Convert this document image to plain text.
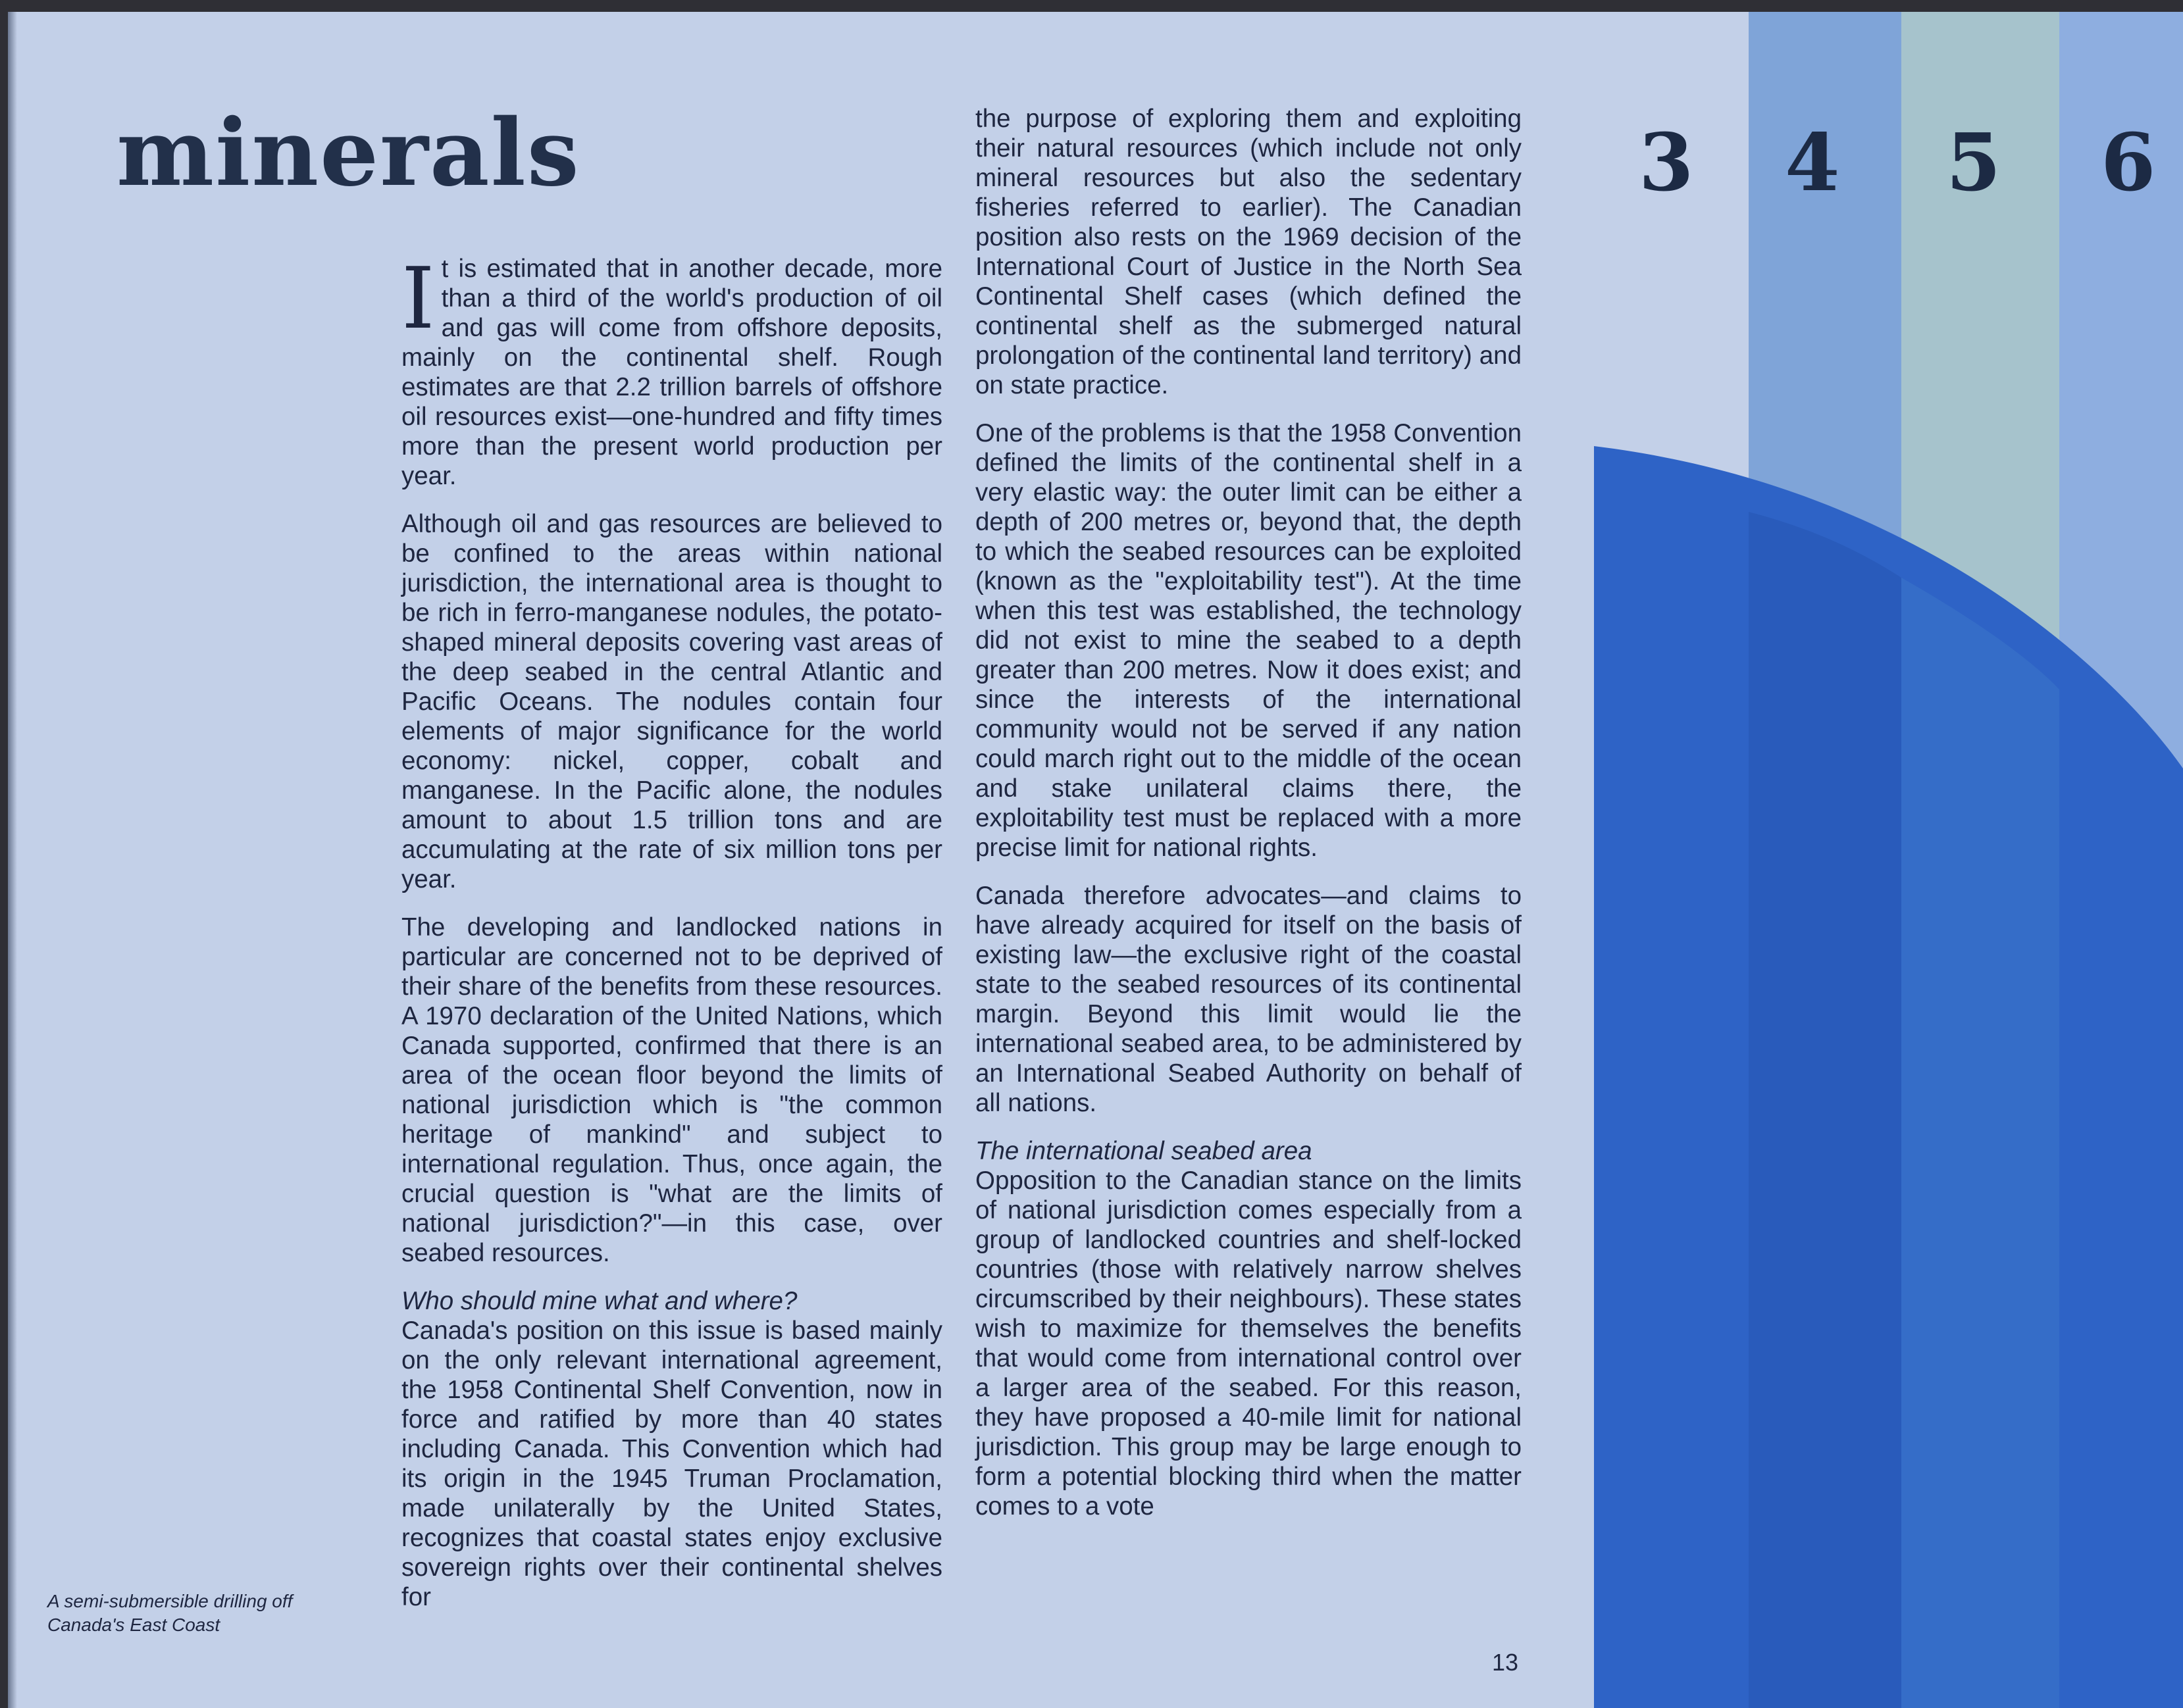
3 4 5 6
minerals

It is estimated that in another decade, more than a third of the world's production of oil and gas will come from offshore deposits, mainly on the continental shelf. Rough estimates are that 2.2 trillion barrels of offshore oil resources exist—one-hundred and fifty times more than the present world production per year.

Although oil and gas resources are believed to be confined to the areas within national jurisdiction, the international area is thought to be rich in ferro-manganese nodules, the potato-shaped mineral deposits covering vast areas of the deep seabed in the central Atlantic and Pacific Oceans. The nodules contain four elements of major significance for the world economy: nickel, copper, cobalt and manganese. In the Pacific alone, the nodules amount to about 1.5 trillion tons and are accumulating at the rate of six million tons per year.

The developing and landlocked nations in particular are concerned not to be deprived of their share of the benefits from these resources. A 1970 declaration of the United Nations, which Canada supported, confirmed that there is an area of the ocean floor beyond the limits of national jurisdiction which is "the common heritage of mankind" and subject to international regulation. Thus, once again, the crucial question is "what are the limits of national jurisdiction?"—in this case, over seabed resources.

Who should mine what and where?

Canada's position on this issue is based mainly on the only relevant international agreement, the 1958 Continental Shelf Convention, now in force and ratified by more than 40 states including Canada. This Convention which had its origin in the 1945 Truman Proclamation, made unilaterally by the United States, recognizes that coastal states enjoy exclusive sovereign rights over their continental shelves for

the purpose of exploring them and exploiting their natural resources (which include not only mineral resources but also the sedentary fisheries referred to earlier). The Canadian position also rests on the 1969 decision of the International Court of Justice in the North Sea Continental Shelf cases (which defined the continental shelf as the submerged natural prolongation of the continental land territory) and on state practice.

One of the problems is that the 1958 Convention defined the limits of the continental shelf in a very elastic way: the outer limit can be either a depth of 200 metres or, beyond that, the depth to which the seabed resources can be exploited (known as the "exploitability test"). At the time when this test was established, the technology did not exist to mine the seabed to a depth greater than 200 metres. Now it does exist; and since the interests of the international community would not be served if any nation could march right out to the middle of the ocean and stake unilateral claims there, the exploitability test must be replaced with a more precise limit for national rights.

Canada therefore advocates—and claims to have already acquired for itself on the basis of existing law—the exclusive right of the coastal state to the seabed resources of its continental margin. Beyond this limit would lie the international seabed area, to be administered by an International Seabed Authority on behalf of all nations.

The international seabed area

Opposition to the Canadian stance on the limits of national jurisdiction comes especially from a group of landlocked countries and shelf-locked countries (those with relatively narrow shelves circumscribed by their neighbours). These states wish to maximize for themselves the benefits that would come from international control over a larger area of the seabed. For this reason, they have proposed a 40-mile limit for national jurisdiction. This group may be large enough to form a potential blocking third when the matter comes to a vote

A semi-submersible drilling off Canada's East Coast
13
